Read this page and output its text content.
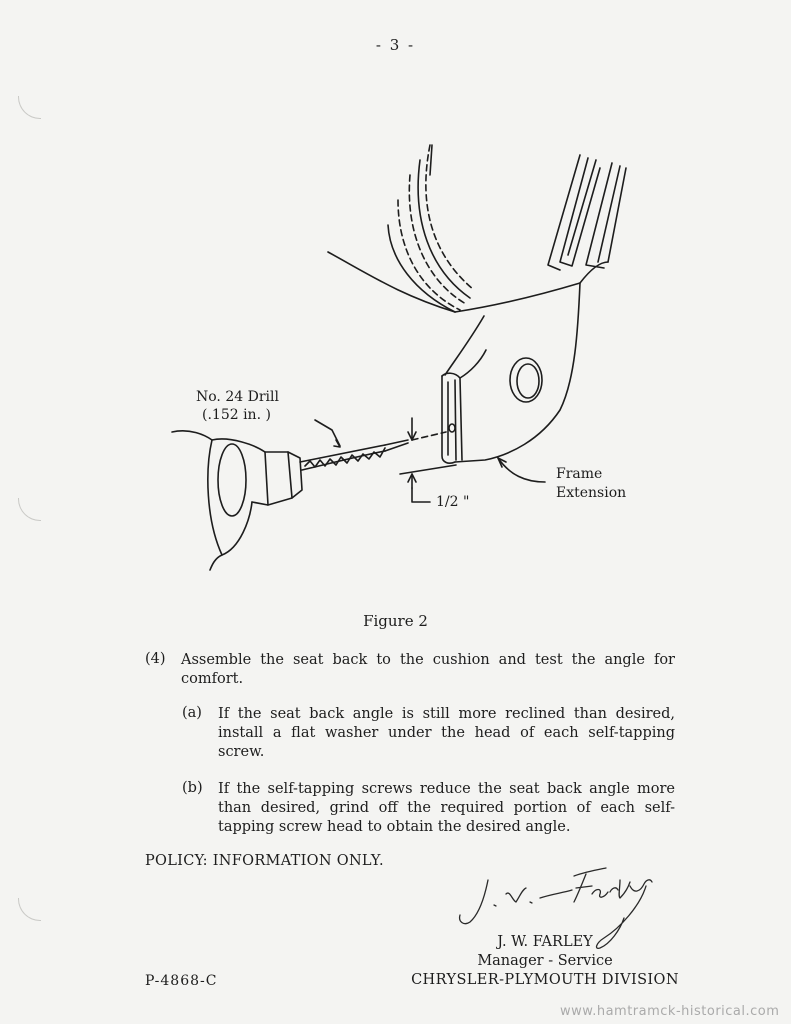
- 3 -
No. 24 Drill
(.152 in. )
1/2 "
Frame
Extension
Figure 2
(4) Assemble the seat back to the cushion and test the angle for comfort.
(a) If the seat back angle is still more reclined than desired, install a flat washer under the head of each self-tapping screw.
(b) If the self-tapping screws reduce the seat back angle more than desired, grind off the required portion of each self-tapping screw head to obtain the desired angle.
POLICY: INFORMATION ONLY.
J. W. FARLEY
Manager - Service
CHRYSLER-PLYMOUTH DIVISION
P-4868-C
www.hamtramck-historical.com
